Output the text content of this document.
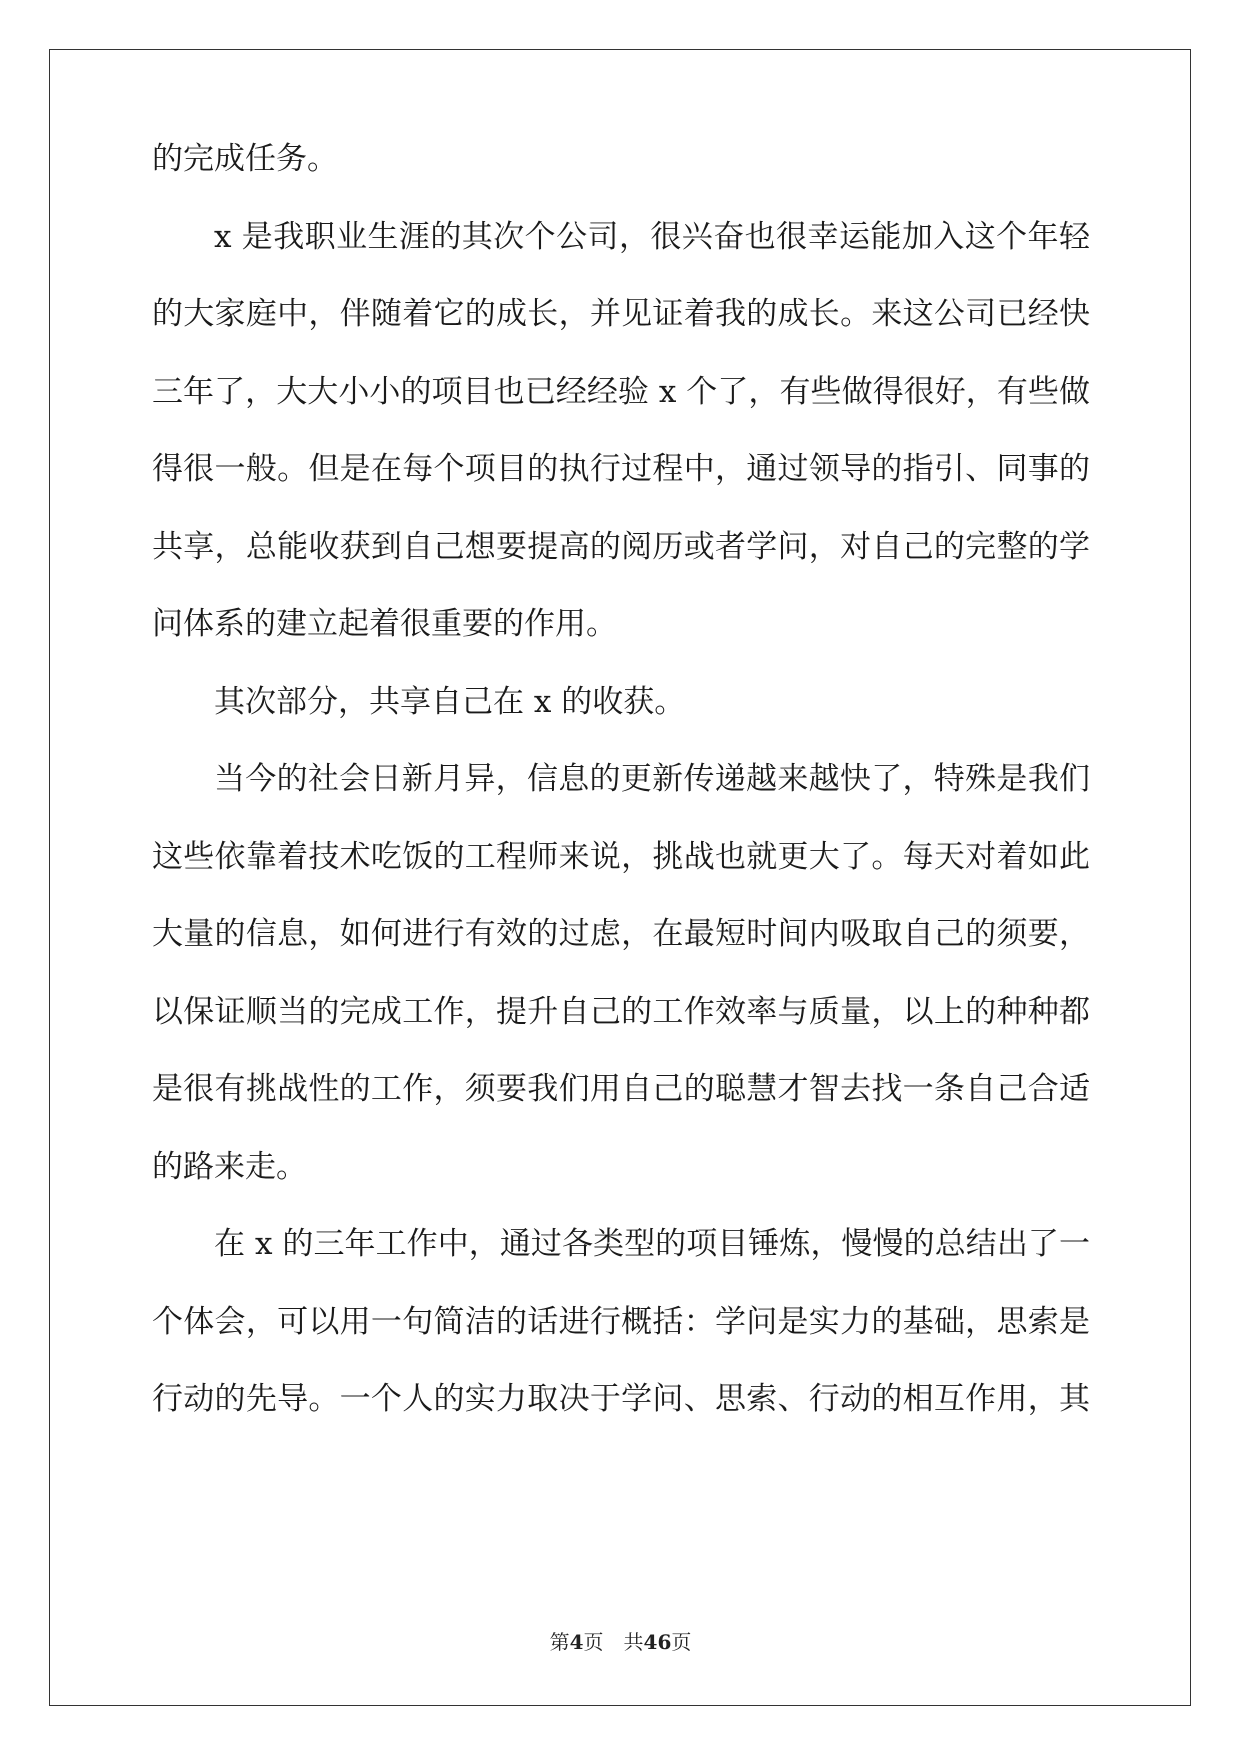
的完成任务。
x 是我职业生涯的其次个公司，很兴奋也很幸运能加入这个年轻
的大家庭中，伴随着它的成长，并见证着我的成长。来这公司已经快
三年了，大大小小的项目也已经经验 x 个了，有些做得很好，有些做
得很一般。但是在每个项目的执行过程中，通过领导的指引、同事的
共享，总能收获到自己想要提高的阅历或者学问，对自己的完整的学
问体系的建立起着很重要的作用。
其次部分，共享自己在 x 的收获。
当今的社会日新月异，信息的更新传递越来越快了，特殊是我们
这些依靠着技术吃饭的工程师来说，挑战也就更大了。每天对着如此
大量的信息，如何进行有效的过虑，在最短时间内吸取自己的须要，
以保证顺当的完成工作，提升自己的工作效率与质量，以上的种种都
是很有挑战性的工作，须要我们用自己的聪慧才智去找一条自己合适
的路来走。
在 x 的三年工作中，通过各类型的项目锤炼，慢慢的总结出了一
个体会，可以用一句简洁的话进行概括：学问是实力的基础，思索是
行动的先导。一个人的实力取决于学问、思索、行动的相互作用，其
第4页　共46页
